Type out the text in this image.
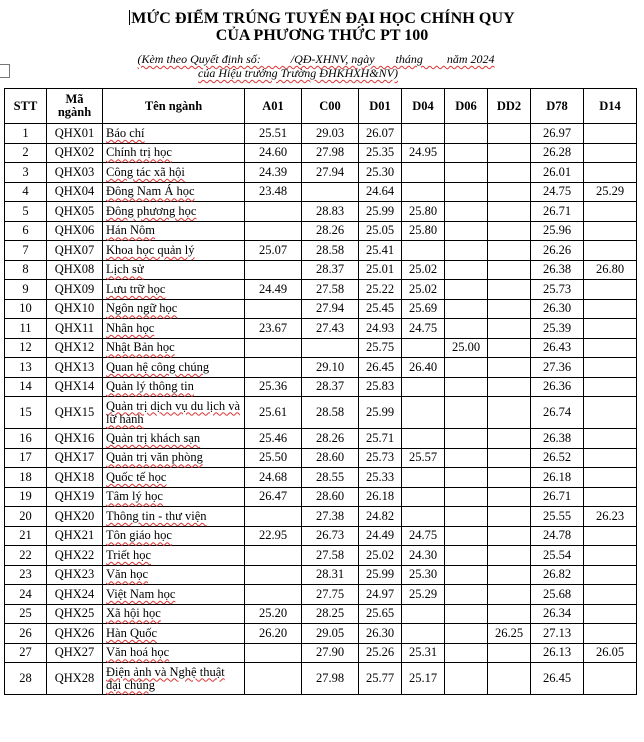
MỨC ĐIỂM TRÚNG TUYỂN ĐẠI HỌC CHÍNH QUY
CỦA PHƯƠNG THỨC PT 100
(Kèm theo Quyết định số:          /QĐ-XHNV, ngày       tháng        năm 2024
của Hiệu trưởng Trường ĐHKHXH&NV)
STT	Mã ngành	Tên ngành	A01	C00	D01	D04	D06	DD2	D78	D14
1	QHX01	Báo chí	25.51	29.03	26.07				26.97	
2	QHX02	Chính trị học	24.60	27.98	25.35	24.95			26.28	
3	QHX03	Công tác xã hội	24.39	27.94	25.30				26.01	
4	QHX04	Đông Nam Á học	23.48		24.64				24.75	25.29
5	QHX05	Đông phương học		28.83	25.99	25.80			26.71	
6	QHX06	Hán Nôm		28.26	25.05	25.80			25.96	
7	QHX07	Khoa học quản lý	25.07	28.58	25.41				26.26	
8	QHX08	Lịch sử		28.37	25.01	25.02			26.38	26.80
9	QHX09	Lưu trữ học	24.49	27.58	25.22	25.02			25.73	
10	QHX10	Ngôn ngữ học		27.94	25.45	25.69			26.30	
11	QHX11	Nhân học	23.67	27.43	24.93	24.75			25.39	
12	QHX12	Nhật Bản học			25.75		25.00		26.43	
13	QHX13	Quan hệ công chúng		29.10	26.45	26.40			27.36	
14	QHX14	Quản lý thông tin	25.36	28.37	25.83				26.36	
15	QHX15	Quản trị dịch vụ du lịch và lữ hành	25.61	28.58	25.99				26.74	
16	QHX16	Quản trị khách sạn	25.46	28.26	25.71				26.38	
17	QHX17	Quản trị văn phòng	25.50	28.60	25.73	25.57			26.52	
18	QHX18	Quốc tế học	24.68	28.55	25.33				26.18	
19	QHX19	Tâm lý học	26.47	28.60	26.18				26.71	
20	QHX20	Thông tin - thư viện		27.38	24.82				25.55	26.23
21	QHX21	Tôn giáo học	22.95	26.73	24.49	24.75			24.78	
22	QHX22	Triết học		27.58	25.02	24.30			25.54	
23	QHX23	Văn học		28.31	25.99	25.30			26.82	
24	QHX24	Việt Nam học		27.75	24.97	25.29			25.68	
25	QHX25	Xã hội học	25.20	28.25	25.65				26.34	
26	QHX26	Hàn Quốc	26.20	29.05	26.30			26.25	27.13	
27	QHX27	Văn hoá học		27.90	25.26	25.31			26.13	26.05
28	QHX28	Điện ảnh và Nghệ thuật đại chúng		27.98	25.77	25.17			26.45	
